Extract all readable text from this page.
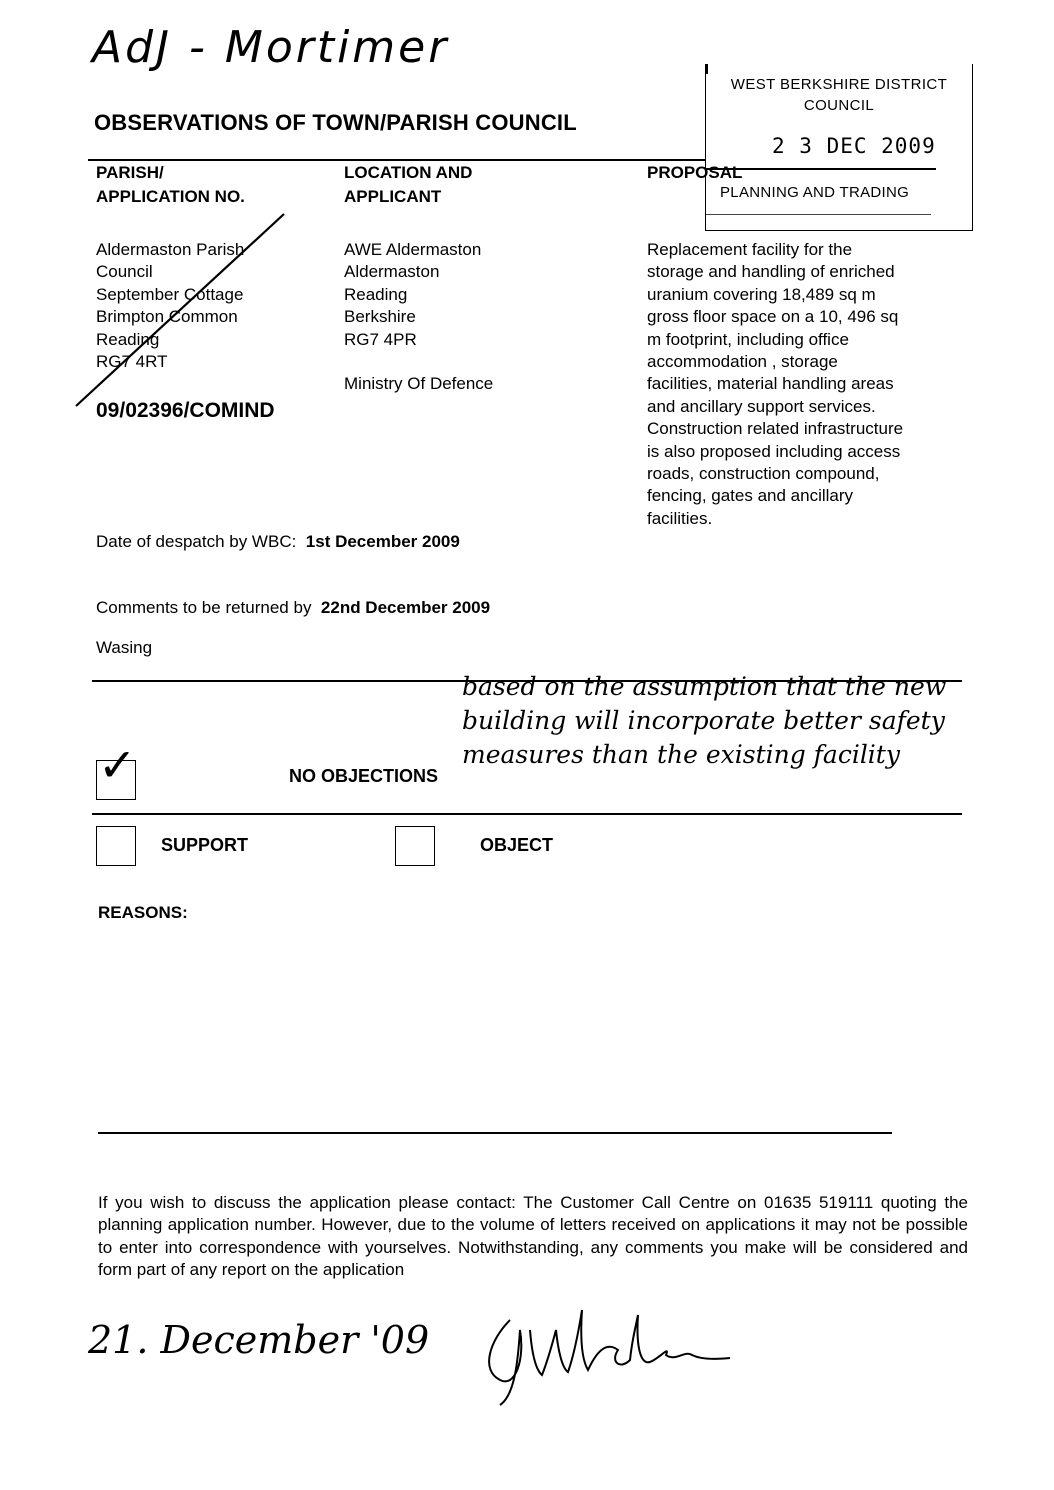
AdJ - Mortimer
OBSERVATIONS OF TOWN/PARISH COUNCIL
WEST BERKSHIRE DISTRICT
COUNCIL
2 3 DEC 2009
PLANNING AND TRADING
PARISH/
APPLICATION NO.
LOCATION AND
APPLICANT
PROPOSAL
Aldermaston Parish
Council
September Cottage
Brimpton Common
Reading
RG7 4RT
09/02396/COMIND
AWE Aldermaston
Aldermaston
Reading
Berkshire
RG7 4PR
Ministry Of Defence
Replacement facility for the
storage and handling of enriched
uranium covering 18,489 sq m
gross floor space on a 10, 496 sq
m footprint, including office
accommodation , storage
facilities, material handling areas
and ancillary support services.
Construction related infrastructure
is also proposed including access
roads, construction compound,
fencing, gates and ancillary
facilities.
Date of despatch by WBC: 1st December 2009
Comments to be returned by 22nd December 2009
Wasing
based on the assumption that the new
building will incorporate better safety
measures than the existing facility
✓	NO OBJECTIONS
SUPPORT	OBJECT
REASONS:
If you wish to discuss the application please contact: The Customer Call Centre on 01635 519111 quoting the planning application number. However, due to the volume of letters received on applications it may not be possible to enter into correspondence with yourselves. Notwithstanding, any comments you make will be considered and form part of any report on the application
21. December '09
